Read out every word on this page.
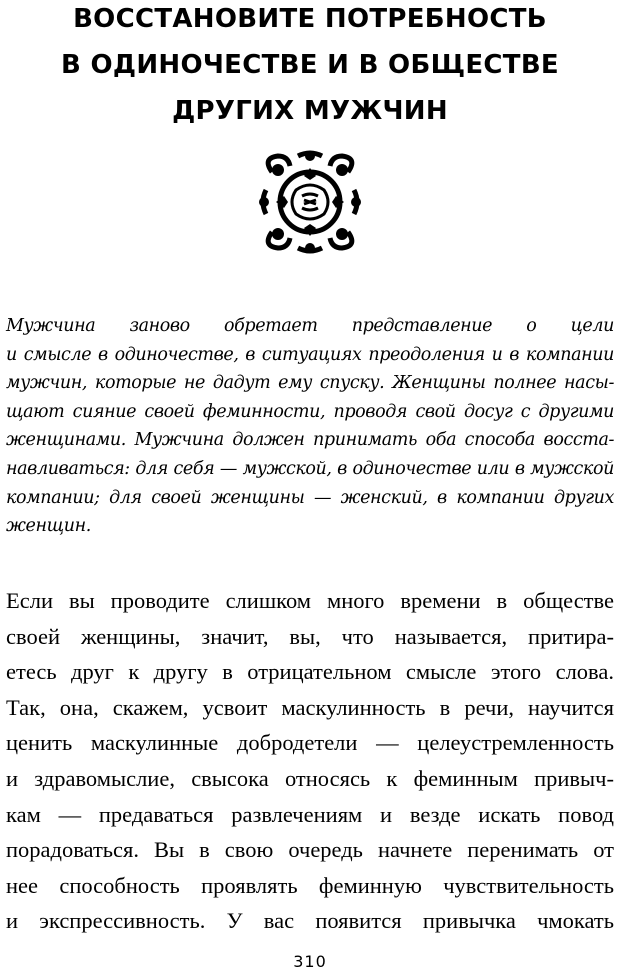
ВОССТАНОВИТЕ ПОТРЕБНОСТЬ
В ОДИНОЧЕСТВЕ И В ОБЩЕСТВЕ
ДРУГИХ МУЖЧИН
Мужчина заново обретает представление о цели
и смысле в одиночестве, в ситуациях преодоления и в компании
мужчин, которые не дадут ему спуску. Женщины полнее насы-
щают сияние своей феминности, проводя свой досуг с другими
женщинами. Мужчина должен принимать оба способа восста-
навливаться: для себя — мужской, в одиночестве или в мужской
компании; для своей женщины — женский, в компании других
женщин.
Если вы проводите слишком много времени в обществе
своей женщины, значит, вы, что называется, притира-
етесь друг к другу в отрицательном смысле этого слова.
Так, она, скажем, усвоит маскулинность в речи, научится
ценить маскулинные добродетели — целеустремленность
и здравомыслие, свысока относясь к феминным привыч-
кам — предаваться развлечениям и везде искать повод
порадоваться. Вы в свою очередь начнете перенимать от
нее способность проявлять феминную чувствительность
и экспрессивность. У вас появится привычка чмокать
310
